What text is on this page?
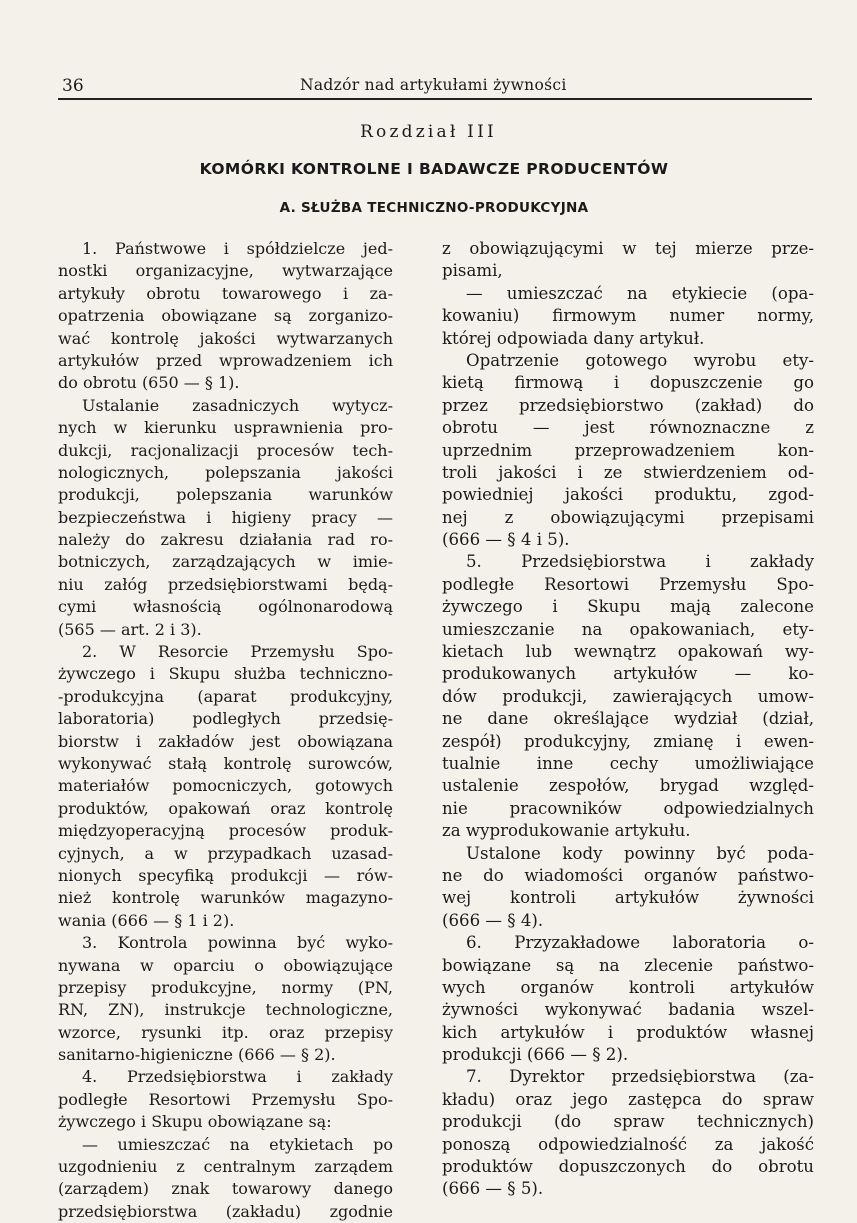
36	Nadzór nad artykułami żywności
Rozdział III
KOMÓRKI KONTROLNE I BADAWCZE PRODUCENTÓW
A. SŁUŻBA TECHNICZNO-PRODUKCYJNA
1. Państwowe i spółdzielcze jed-
nostki organizacyjne, wytwarzające
artykuły obrotu towarowego i za-
opatrzenia obowiązane są zorganizo-
wać kontrolę jakości wytwarzanych
artykułów przed wprowadzeniem ich
do obrotu (650 — § 1).
Ustalanie zasadniczych wytycz-
nych w kierunku usprawnienia pro-
dukcji, racjonalizacji procesów tech-
nologicznych, polepszania jakości
produkcji, polepszania warunków
bezpieczeństwa i higieny pracy —
należy do zakresu działania rad ro-
botniczych, zarządzających w imie-
niu załóg przedsiębiorstwami będą-
cymi własnością ogólnonarodową
(565 — art. 2 i 3).
2. W Resorcie Przemysłu Spo-
żywczego i Skupu służba techniczno-
-produkcyjna (aparat produkcyjny,
laboratoria) podległych przedsię-
biorstw i zakładów jest obowiązana
wykonywać stałą kontrolę surowców,
materiałów pomocniczych, gotowych
produktów, opakowań oraz kontrolę
międzyoperacyjną procesów produk-
cyjnych, a w przypadkach uzasad-
nionych specyfiką produkcji — rów-
nież kontrolę warunków magazyno-
wania (666 — § 1 i 2).
3. Kontrola powinna być wyko-
nywana w oparciu o obowiązujące
przepisy produkcyjne, normy (PN,
RN, ZN), instrukcje technologiczne,
wzorce, rysunki itp. oraz przepisy
sanitarno-higieniczne (666 — § 2).
4. Przedsiębiorstwa i zakłady
podległe Resortowi Przemysłu Spo-
żywczego i Skupu obowiązane są:
— umieszczać na etykietach po
uzgodnieniu z centralnym zarządem
(zarządem) znak towarowy danego
przedsiębiorstwa (zakładu) zgodnie
z obowiązującymi w tej mierze prze-
pisami,
— umieszczać na etykiecie (opa-
kowaniu) firmowym numer normy,
której odpowiada dany artykuł.
Opatrzenie gotowego wyrobu ety-
kietą firmową i dopuszczenie go
przez przedsiębiorstwo (zakład) do
obrotu — jest równoznaczne z
uprzednim przeprowadzeniem kon-
troli jakości i ze stwierdzeniem od-
powiedniej jakości produktu, zgod-
nej z obowiązującymi przepisami
(666 — § 4 i 5).
5. Przedsiębiorstwa i zakłady
podległe Resortowi Przemysłu Spo-
żywczego i Skupu mają zalecone
umieszczanie na opakowaniach, ety-
kietach lub wewnątrz opakowań wy-
produkowanych artykułów — ko-
dów produkcji, zawierających umow-
ne dane określające wydział (dział,
zespół) produkcyjny, zmianę i ewen-
tualnie inne cechy umożliwiające
ustalenie zespołów, brygad względ-
nie pracowników odpowiedzialnych
za wyprodukowanie artykułu.
Ustalone kody powinny być poda-
ne do wiadomości organów państwo-
wej kontroli artykułów żywności
(666 — § 4).
6. Przyzakładowe laboratoria o-
bowiązane są na zlecenie państwo-
wych organów kontroli artykułów
żywności wykonywać badania wszel-
kich artykułów i produktów własnej
produkcji (666 — § 2).
7. Dyrektor przedsiębiorstwa (za-
kładu) oraz jego zastępca do spraw
produkcji (do spraw technicznych)
ponoszą odpowiedzialność za jakość
produktów dopuszczonych do obrotu
(666 — § 5).
